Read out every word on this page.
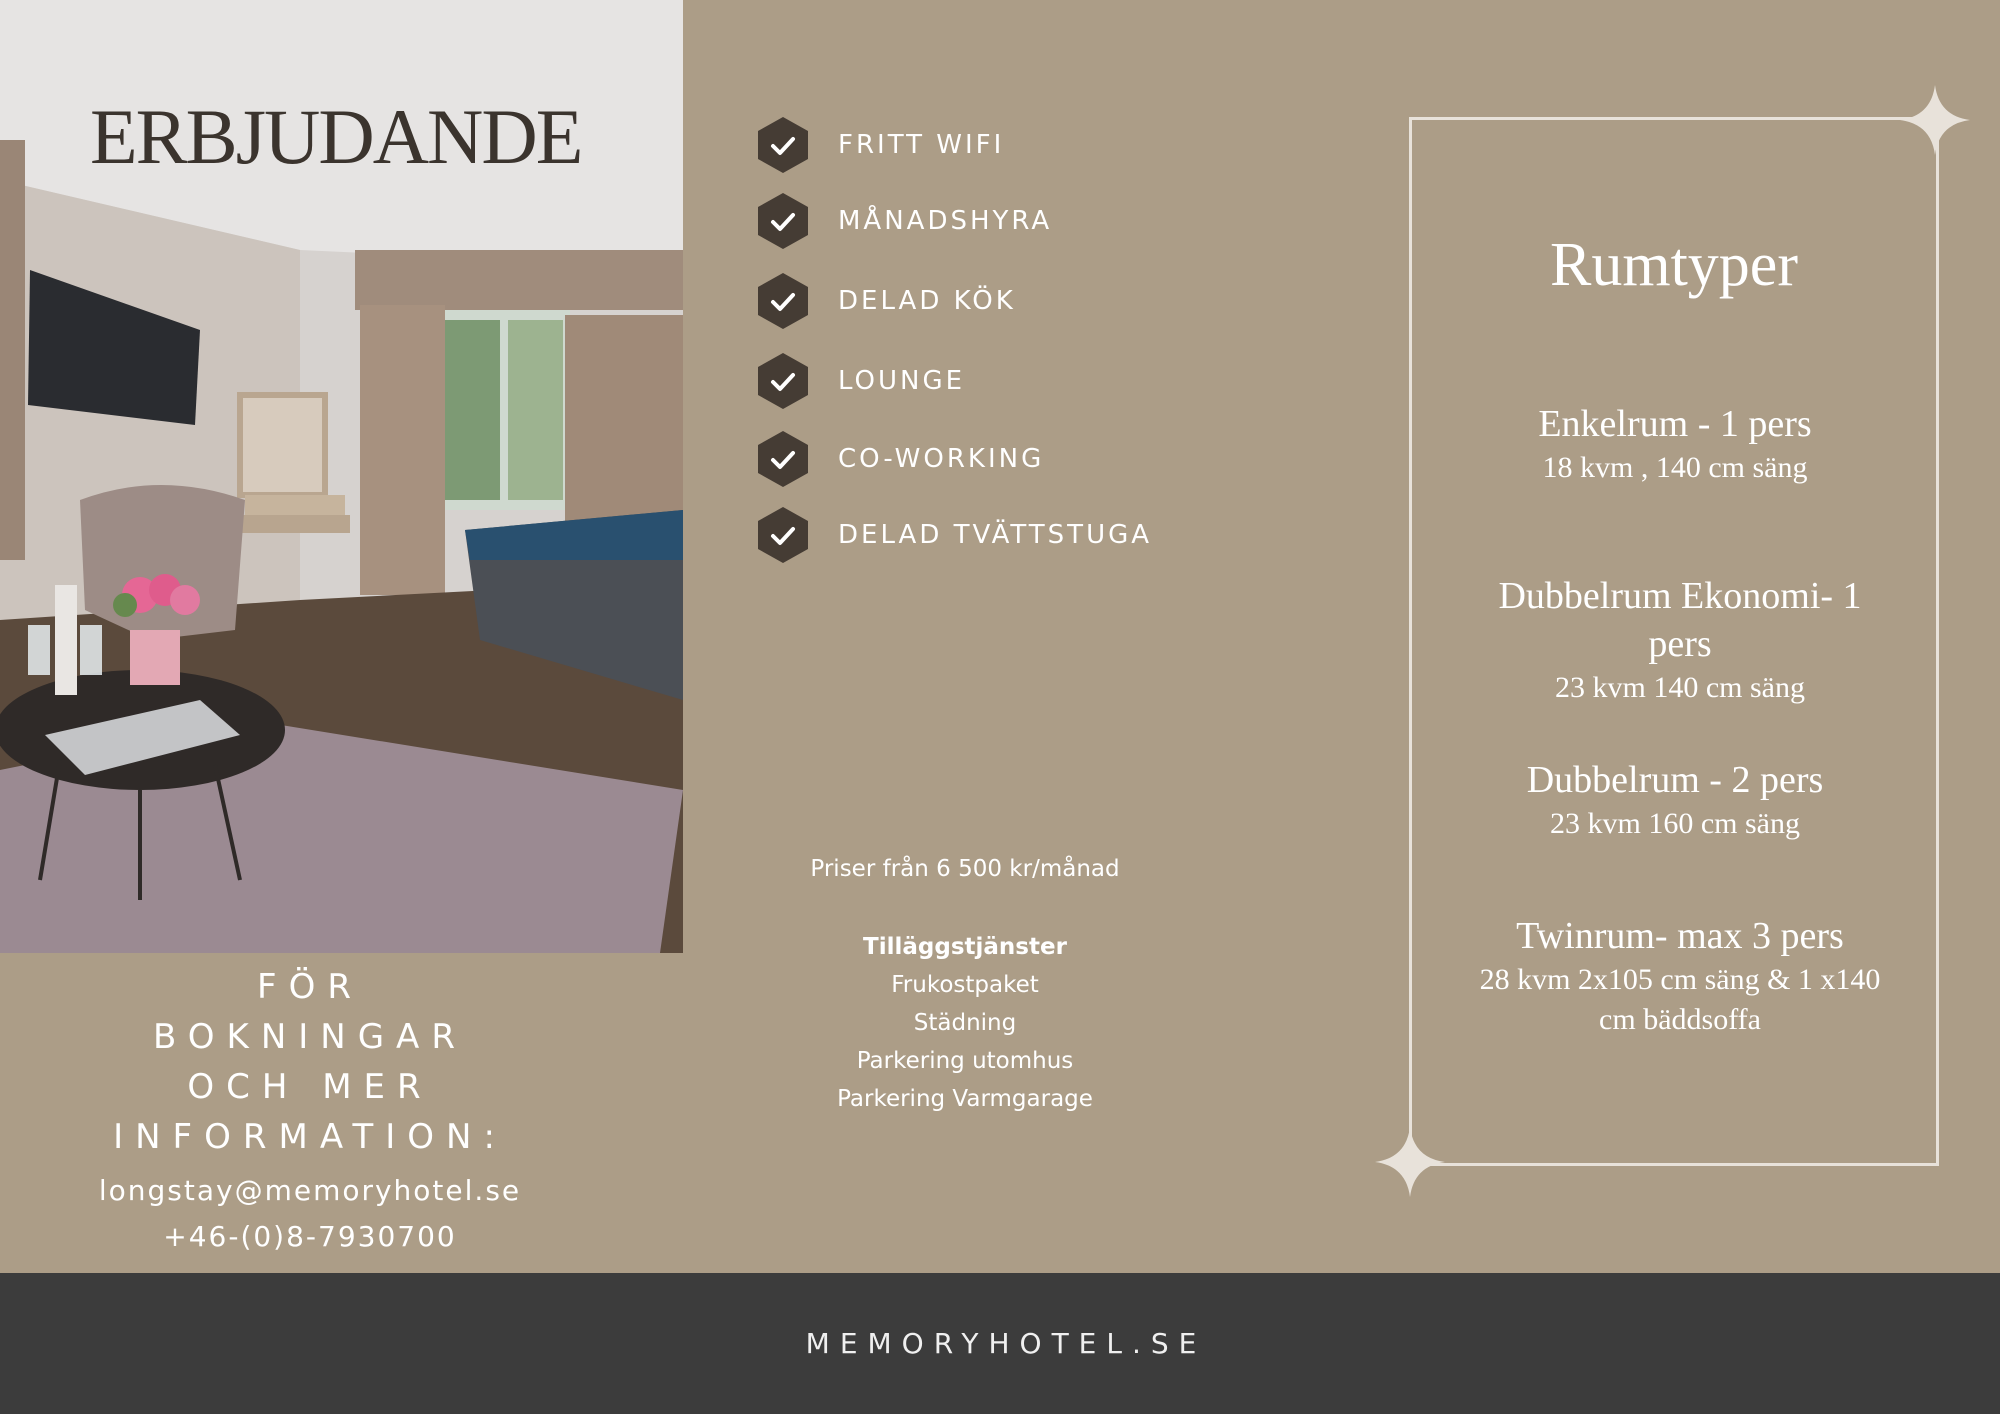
ERBJUDANDE	FRITT WIFI
MÅNADSHYRA
DELAD KÖK
LOUNGE
CO-WORKING
DELAD TVÄTTSTUGA
FÖR
BOKNINGAR
OCH MER
INFORMATION:
longstay@memoryhotel.se
+46-(0)8-7930700
Priser från 6 500 kr/månad
Tilläggstjänster
Frukostpaket
Städning
Parkering utomhus
Parkering Varmgarage
Rumtyper
Enkelrum - 1 pers
18 kvm , 140 cm säng
Dubbelrum Ekonomi- 1 pers
23 kvm 140 cm säng
Dubbelrum - 2 pers
23 kvm 160 cm säng
Twinrum- max 3 pers
28 kvm 2x105 cm säng & 1 x140 cm bäddsoffa
MEMORYHOTEL.SE
